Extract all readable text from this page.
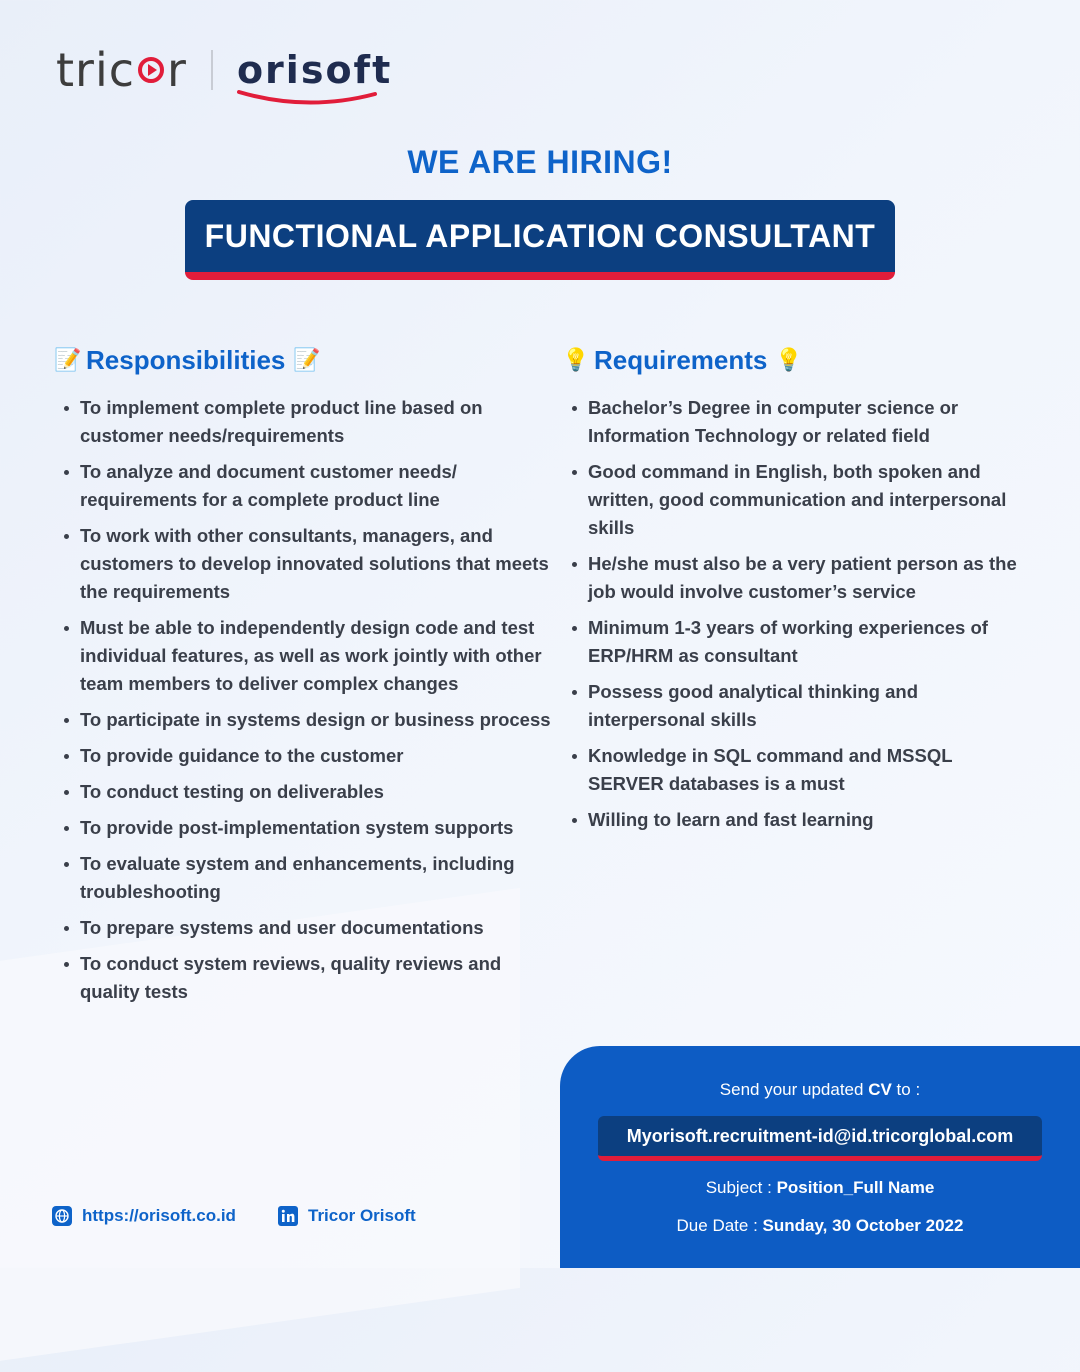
tric r orisoft
WE ARE HIRING!
FUNCTIONAL APPLICATION CONSULTANT
📝 Responsibilities 📝
To implement complete product line based on customer needs/requirements
To analyze and document customer needs/ requirements for a complete product line
To work with other consultants, managers, and customers to develop innovated solutions that meets the requirements
Must be able to independently design code and test individual features, as well as work jointly with other team members to deliver complex changes
To participate in systems design or business process
To provide guidance to the customer
To conduct testing on deliverables
To provide post-implementation system supports
To evaluate system and enhancements, including troubleshooting
To prepare systems and user documentations
To conduct system reviews, quality reviews and quality tests
💡 Requirements 💡
Bachelor’s Degree in computer science or Information Technology or related field
Good command in English, both spoken and written, good communication and interpersonal skills
He/she must also be a very patient person as the job would involve customer’s service
Minimum 1-3 years of working experiences of ERP/HRM as consultant
Possess good analytical thinking and interpersonal skills
Knowledge in SQL command and MSSQL SERVER databases is a must
Willing to learn and fast learning
Send your updated CV to :
Myorisoft.recruitment-id@id.tricorglobal.com
Subject : Position_Full Name
Due Date : Sunday, 30 October 2022
https://orisoft.co.id	Tricor Orisoft
